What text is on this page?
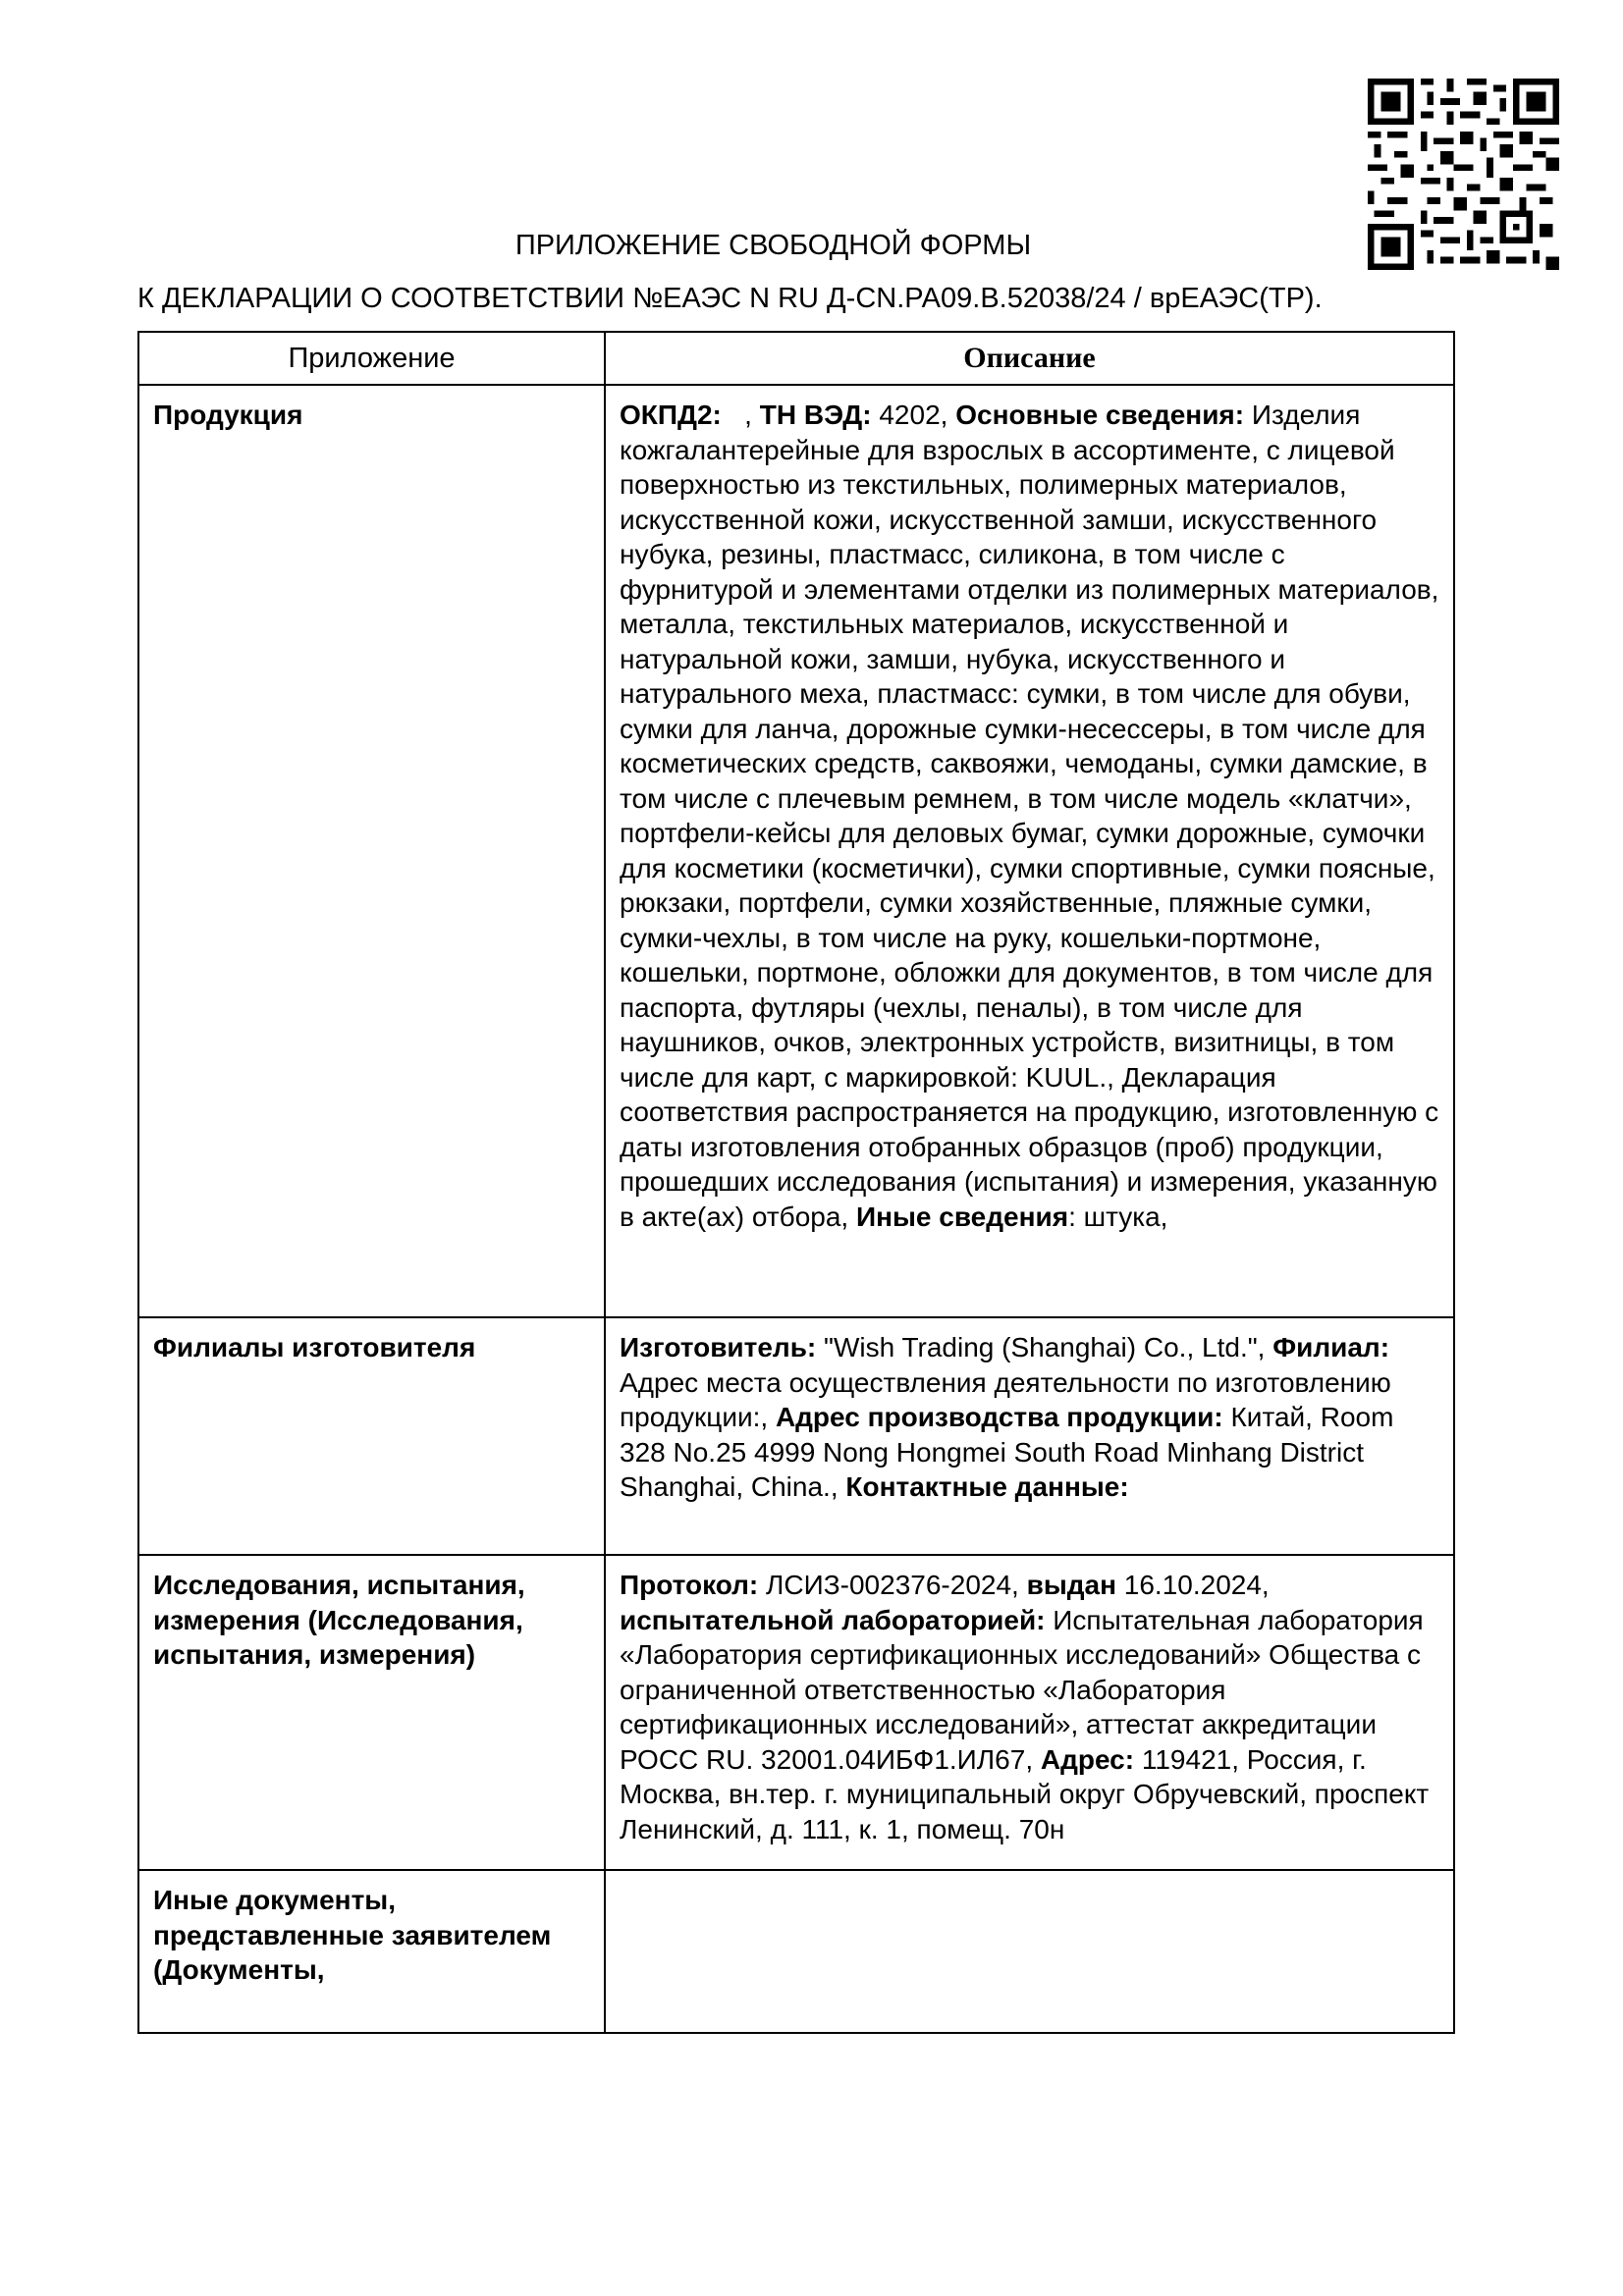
ПРИЛОЖЕНИЕ СВОБОДНОЙ ФОРМЫ

К ДЕКЛАРАЦИИ О СООТВЕТСТВИИ №ЕАЭС N RU Д-CN.РА09.В.52038/24 / врЕАЭС(ТР).

Приложение	Описание
Продукция	ОКПД2:   , ТН ВЭД: 4202, Основные сведения: Изделия кожгалантерейные для взрослых в ассортименте, с лицевой поверхностью из текстильных, полимерных материалов, искусственной кожи, искусственной замши, искусственного нубука, резины, пластмасс, силикона, в том числе с фурнитурой и элементами отделки из полимерных материалов, металла, текстильных материалов, искусственной и натуральной кожи, замши, нубука, искусственного и натурального меха, пластмасс: сумки, в том числе для обуви, сумки для ланча, дорожные сумки-несессеры, в том числе для косметических средств, саквояжи, чемоданы, сумки дамские, в том числе с плечевым ремнем, в том числе модель «клатчи», портфели-кейсы для деловых бумаг, сумки дорожные, сумочки для косметики (косметички), сумки спортивные, сумки поясные, рюкзаки, портфели, сумки хозяйственные, пляжные сумки, сумки-чехлы, в том числе на руку, кошельки-портмоне, кошельки, портмоне, обложки для документов, в том числе для паспорта, футляры (чехлы, пеналы), в том числе для наушников, очков, электронных устройств, визитницы, в том числе для карт, с маркировкой: KUUL., Декларация соответствия распространяется на продукцию, изготовленную с даты изготовления отобранных образцов (проб) продукции, прошедших исследования (испытания) и измерения, указанную в акте(ах) отбора, Иные сведения: штука,
Филиалы изготовителя	Изготовитель: "Wish Trading (Shanghai) Co., Ltd.", Филиал: Адрес места осуществления деятельности по изготовлению продукции:, Адрес производства продукции: Китай, Room 328 No.25 4999 Nong Hongmei South Road Minhang District Shanghai, China., Контактные данные:
Исследования, испытания, измерения (Исследования, испытания, измерения)	Протокол: ЛСИЗ-002376-2024, выдан 16.10.2024, испытательной лабораторией: Испытательная лаборатория «Лаборатория сертификационных исследований» Общества с ограниченной ответственностью «Лаборатория сертификационных исследований», аттестат аккредитации РОСС RU. 32001.04ИБФ1.ИЛ67, Адрес: 119421, Россия, г. Москва, вн.тер. г. муниципальный округ Обручевский, проспект Ленинский, д. 111, к. 1, помещ. 70н
Иные документы, представленные заявителем (Документы,	
